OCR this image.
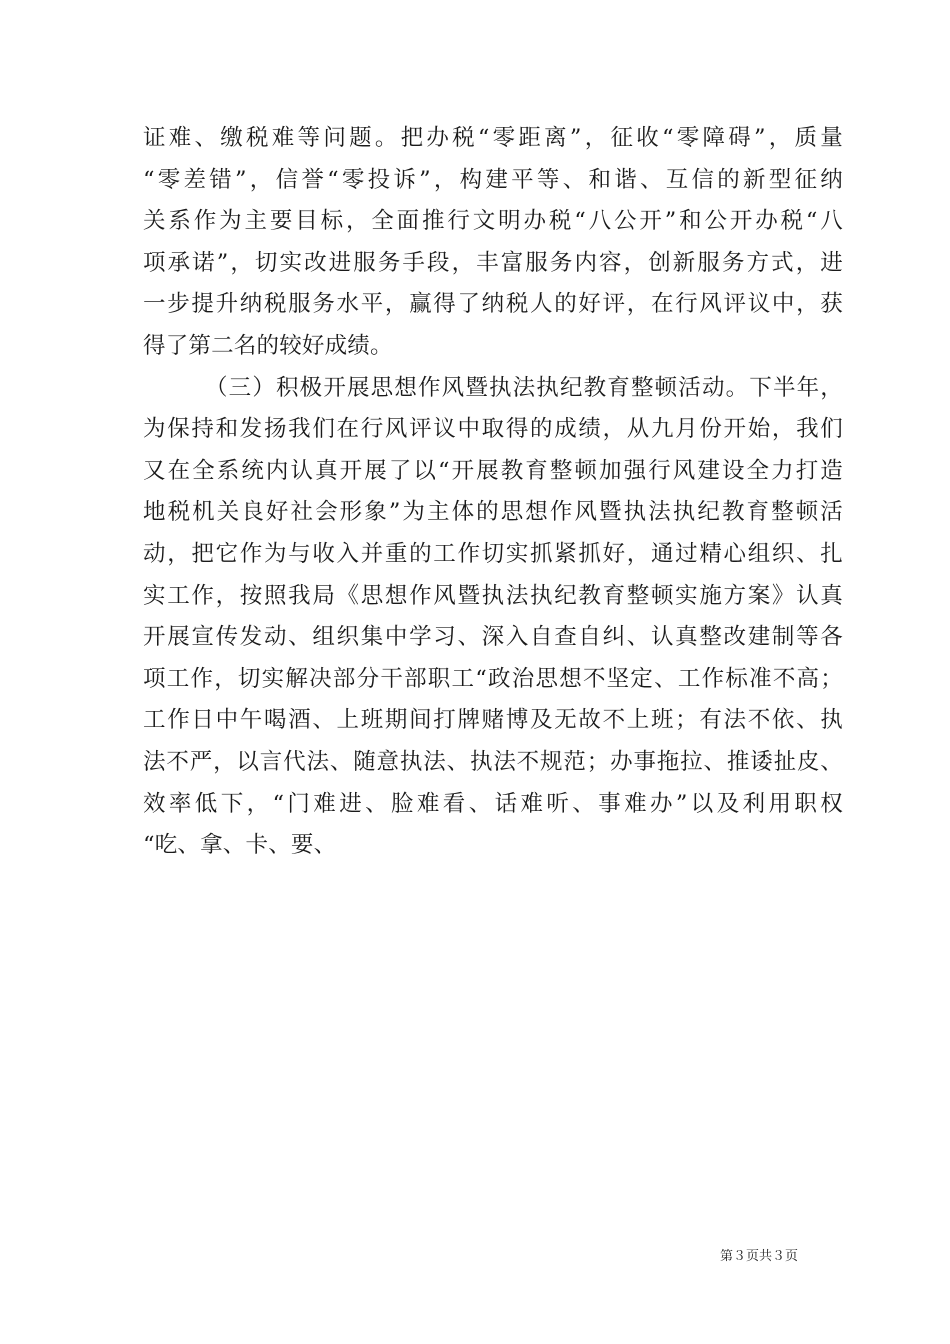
证难、缴税难等问题。把办税“零距离”，征收“零障碍”，质量
“零差错”，信誉“零投诉”，构建平等、和谐、互信的新型征纳
关系作为主要目标，全面推行文明办税“八公开”和公开办税“八
项承诺”，切实改进服务手段，丰富服务内容，创新服务方式，进
一步提升纳税服务水平，赢得了纳税人的好评，在行风评议中，获
得了第二名的较好成绩。
（三）积极开展思想作风暨执法执纪教育整顿活动。下半年，
为保持和发扬我们在行风评议中取得的成绩，从九月份开始，我们
又在全系统内认真开展了以“开展教育整顿加强行风建设全力打造
地税机关良好社会形象”为主体的思想作风暨执法执纪教育整顿活
动，把它作为与收入并重的工作切实抓紧抓好，通过精心组织、扎
实工作，按照我局《思想作风暨执法执纪教育整顿实施方案》认真
开展宣传发动、组织集中学习、深入自查自纠、认真整改建制等各
项工作，切实解决部分干部职工“政治思想不坚定、工作标准不高；
工作日中午喝酒、上班期间打牌赌博及无故不上班；有法不依、执
法不严，以言代法、随意执法、执法不规范；办事拖拉、推诿扯皮、
效率低下，“门难进、脸难看、话难听、事难办”以及利用职权
“吃、拿、卡、要、
第３页共３页
